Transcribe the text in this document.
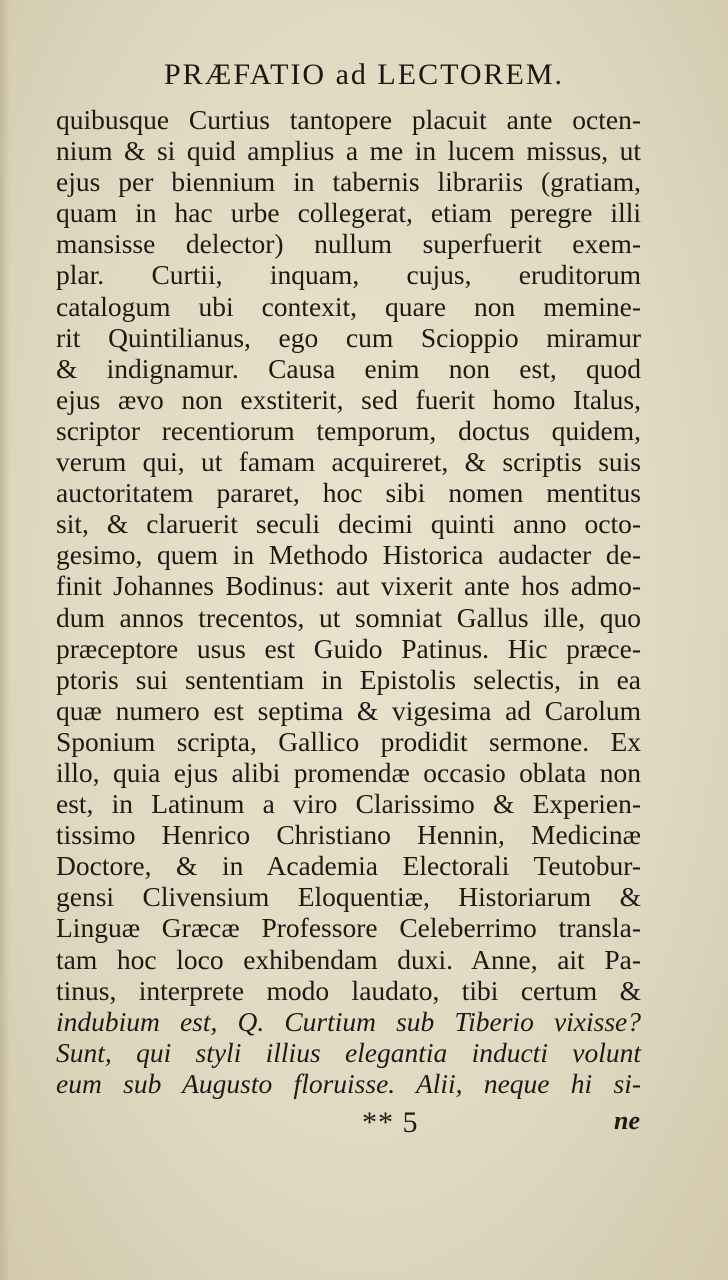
PRÆFATIO ad LECTOREM.
quibusque Curtius tantopere placuit ante octen-
nium & si quid amplius a me in lucem missus, ut
ejus per biennium in tabernis librariis (gratiam,
quam in hac urbe collegerat, etiam peregre illi
mansisse delector) nullum superfuerit exem-
plar. Curtii, inquam, cujus, eruditorum
catalogum ubi contexit, quare non memine-
rit Quintilianus, ego cum Scioppio miramur
& indignamur. Causa enim non est, quod
ejus ævo non exstiterit, sed fuerit homo Italus,
scriptor recentiorum temporum, doctus quidem,
verum qui, ut famam acquireret, & scriptis suis
auctoritatem pararet, hoc sibi nomen mentitus
sit, & claruerit seculi decimi quinti anno octo-
gesimo, quem in Methodo Historica audacter de-
finit Johannes Bodinus: aut vixerit ante hos admo-
dum annos trecentos, ut somniat Gallus ille, quo
præceptore usus est Guido Patinus. Hic præce-
ptoris sui sententiam in Epistolis selectis, in ea
quæ numero est septima & vigesima ad Carolum
Sponium scripta, Gallico prodidit sermone. Ex
illo, quia ejus alibi promendæ occasio oblata non
est, in Latinum a viro Clarissimo & Experien-
tissimo Henrico Christiano Hennin, Medicinæ
Doctore, & in Academia Electorali Teutobur-
gensi Clivensium Eloquentiæ, Historiarum &
Linguæ Græcæ Professore Celeberrimo transla-
tam hoc loco exhibendam duxi. Anne, ait Pa-
tinus, interprete modo laudato, tibi certum &
indubium est, Q. Curtium sub Tiberio vixisse?
Sunt, qui styli illius elegantia inducti volunt
eum sub Augusto floruisse. Alii, neque hi si-
** 5	ne
